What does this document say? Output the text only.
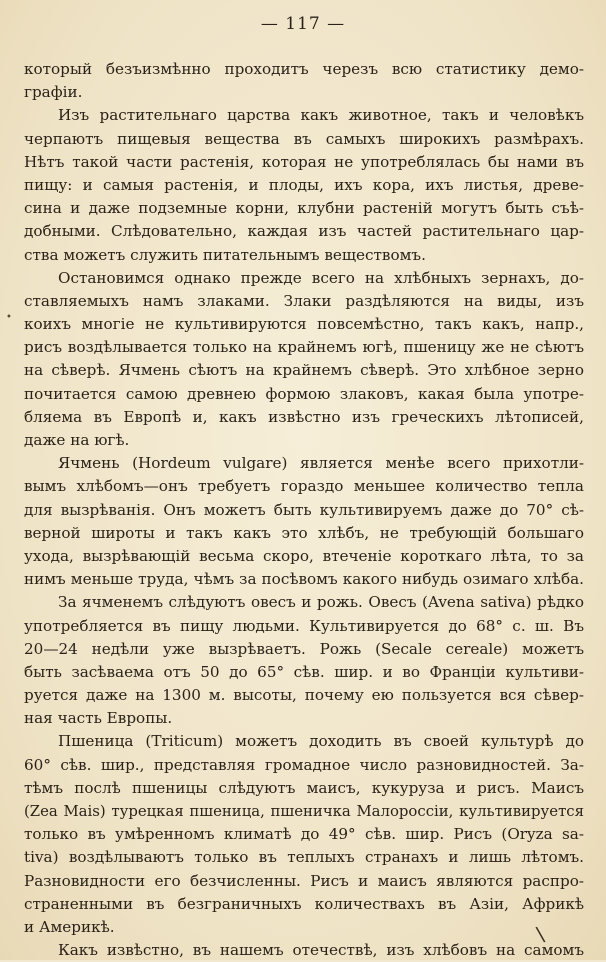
— 117 —
который безъизмѣнно проходитъ черезъ всю статистику демо-
графіи.
Изъ растительнаго царства какъ животное, такъ и человѣкъ
черпаютъ пищевыя вещества въ самыхъ широкихъ размѣрахъ.
Нѣтъ такой части растенія, которая не употреблялась бы нами въ
пищу: и самыя растенія, и плоды, ихъ кора, ихъ листья, древе-
сина и даже подземные корни, клубни растеній могутъ быть съѣ-
добными. Слѣдовательно, каждая изъ частей растительнаго цар-
ства можетъ служить питательнымъ веществомъ.
Остановимся однако прежде всего на хлѣбныхъ зернахъ, до-
ставляемыхъ намъ злаками. Злаки раздѣляются на виды, изъ
коихъ многіе не культивируются повсемѣстно, такъ какъ, напр.,
рисъ воздѣлывается только на крайнемъ югѣ, пшеницу же не сѣютъ
на сѣверѣ. Ячмень сѣютъ на крайнемъ сѣверѣ. Это хлѣбное зерно
почитается самою древнею формою злаковъ, какая была употре-
бляема въ Европѣ и, какъ извѣстно изъ греческихъ лѣтописей,
даже на югѣ.
Ячмень (Hordeum vulgare) является менѣе всего прихотли-
вымъ хлѣбомъ—онъ требуетъ гораздо меньшее количество тепла
для вызрѣванія. Онъ можетъ быть культивируемъ даже до 70° сѣ-
верной широты и такъ какъ это хлѣбъ, не требующій большаго
ухода, вызрѣвающій весьма скоро, втеченіе короткаго лѣта, то за
нимъ меньше труда, чѣмъ за посѣвомъ какого нибудь озимаго хлѣба.
За ячменемъ слѣдуютъ овесъ и рожь. Овесъ (Avena sativa) рѣдко
употребляется въ пищу людьми. Культивируется до 68° с. ш. Въ
20—24 недѣли уже вызрѣваетъ. Рожь (Secale cereale) можетъ
быть засѣваема отъ 50 до 65° сѣв. шир. и во Франціи культиви-
руется даже на 1300 м. высоты, почему ею пользуется вся сѣвер-
ная часть Европы.
Пшеница (Triticum) можетъ доходить въ своей культурѣ до
60° сѣв. шир., представляя громадное число разновидностей. За-
тѣмъ послѣ пшеницы слѣдуютъ маисъ, кукуруза и рисъ. Маисъ
(Zea Mais) турецкая пшеница, пшеничка Малороссіи, культивируется
только въ умѣренномъ климатѣ до 49° сѣв. шир. Рисъ (Oryza sa-
tiva) воздѣлываютъ только въ теплыхъ странахъ и лишь лѣтомъ.
Разновидности его безчисленны. Рисъ и маисъ являются распро-
страненными въ безграничныхъ количествахъ въ Азіи, Африкѣ
и Америкѣ.
Какъ извѣстно, въ нашемъ отечествѣ, изъ хлѣбовъ на самомъ
•
\
